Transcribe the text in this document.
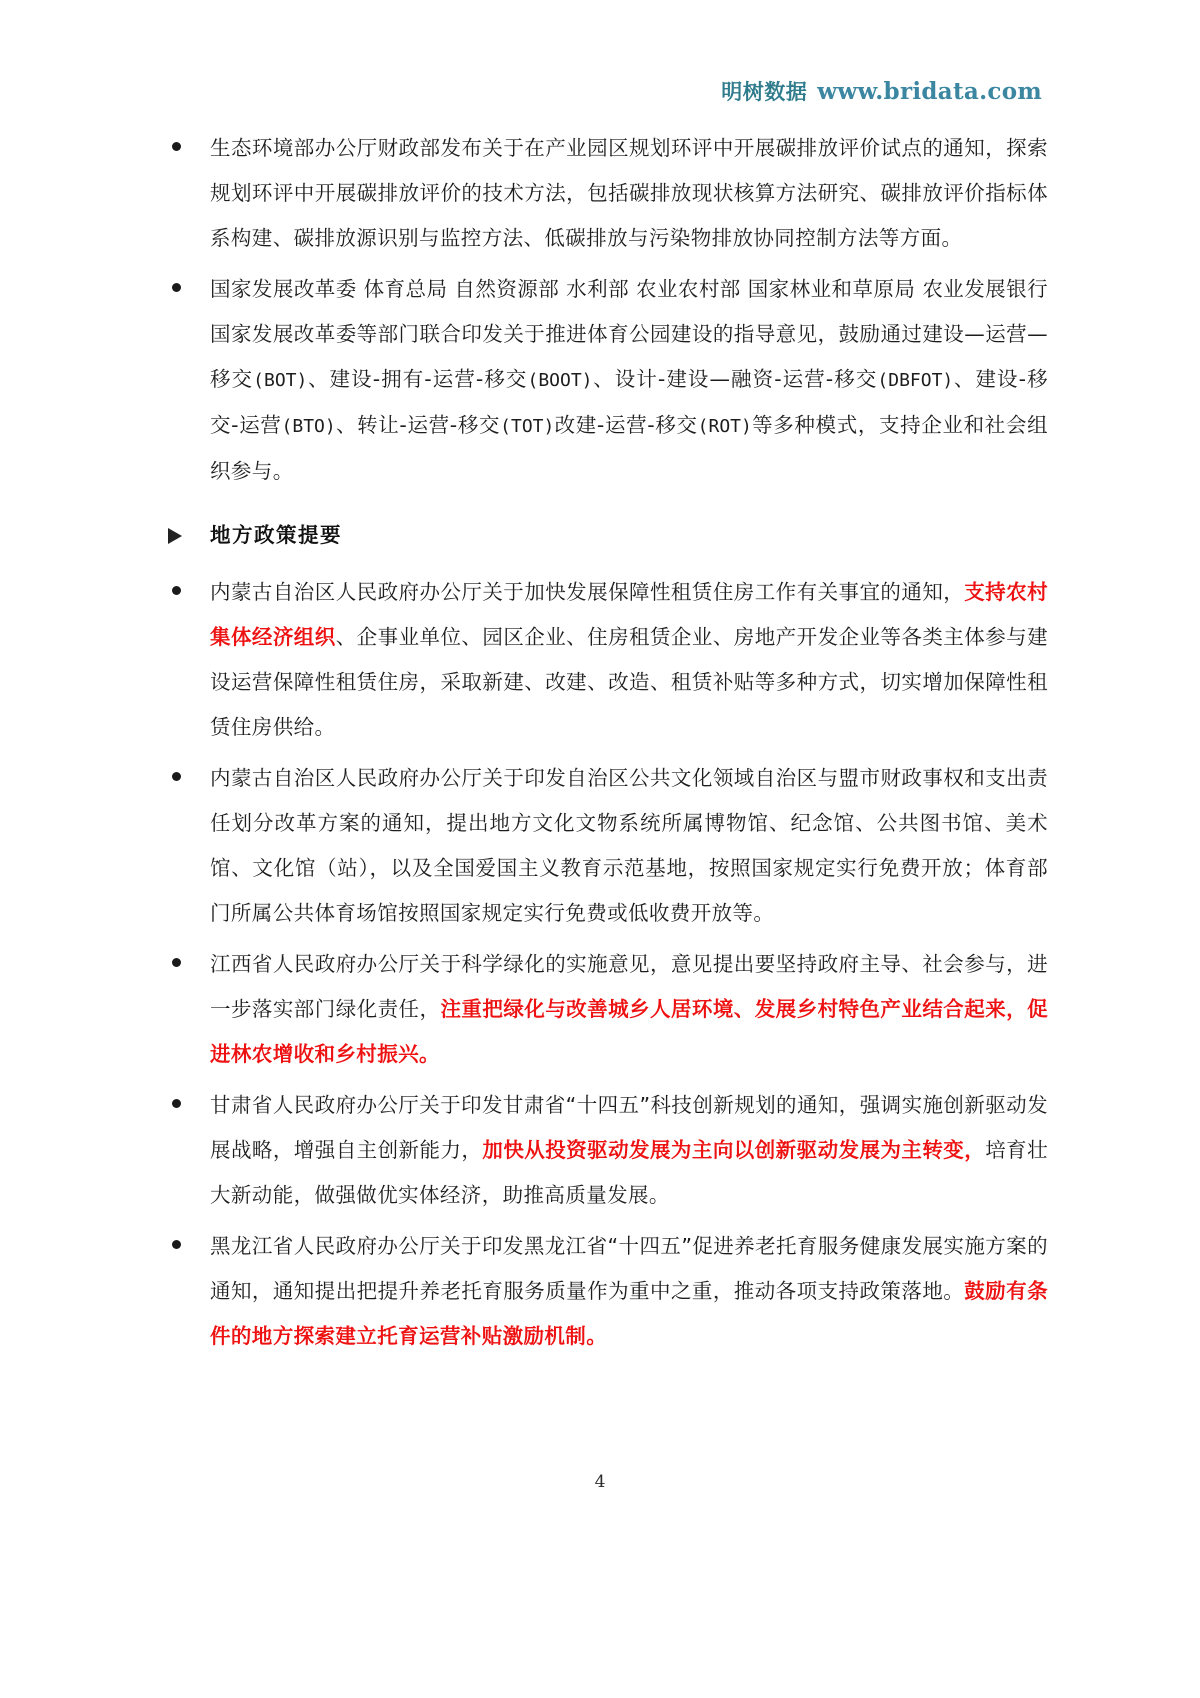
明树数据 www.bridata.com
生态环境部办公厅财政部发布关于在产业园区规划环评中开展碳排放评价试点的通知，探索规划环评中开展碳排放评价的技术方法，包括碳排放现状核算方法研究、碳排放评价指标体系构建、碳排放源识别与监控方法、低碳排放与污染物排放协同控制方法等方面。
国家发展改革委 体育总局 自然资源部 水利部 农业农村部 国家林业和草原局 农业发展银行国家发展改革委等部门联合印发关于推进体育公园建设的指导意见，鼓励通过建设—运营—移交(BOT)、建设-拥有-运营-移交(BOOT)、设计-建设—融资-运营-移交(DBFOT)、建设-移交-运营(BTO)、转让-运营-移交(TOT)改建-运营-移交(ROT)等多种模式，支持企业和社会组织参与。
地方政策提要
内蒙古自治区人民政府办公厅关于加快发展保障性租赁住房工作有关事宜的通知，支持农村集体经济组织、企事业单位、园区企业、住房租赁企业、房地产开发企业等各类主体参与建设运营保障性租赁住房，采取新建、改建、改造、租赁补贴等多种方式，切实增加保障性租赁住房供给。
内蒙古自治区人民政府办公厅关于印发自治区公共文化领域自治区与盟市财政事权和支出责任划分改革方案的通知，提出地方文化文物系统所属博物馆、纪念馆、公共图书馆、美术馆、文化馆（站），以及全国爱国主义教育示范基地，按照国家规定实行免费开放；体育部门所属公共体育场馆按照国家规定实行免费或低收费开放等。
江西省人民政府办公厅关于科学绿化的实施意见，意见提出要坚持政府主导、社会参与，进一步落实部门绿化责任，注重把绿化与改善城乡人居环境、发展乡村特色产业结合起来，促进林农增收和乡村振兴。
甘肃省人民政府办公厅关于印发甘肃省“十四五”科技创新规划的通知，强调实施创新驱动发展战略，增强自主创新能力，加快从投资驱动发展为主向以创新驱动发展为主转变，培育壮大新动能，做强做优实体经济，助推高质量发展。
黑龙江省人民政府办公厅关于印发黑龙江省“十四五”促进养老托育服务健康发展实施方案的通知，通知提出把提升养老托育服务质量作为重中之重，推动各项支持政策落地。鼓励有条件的地方探索建立托育运营补贴激励机制。
4
